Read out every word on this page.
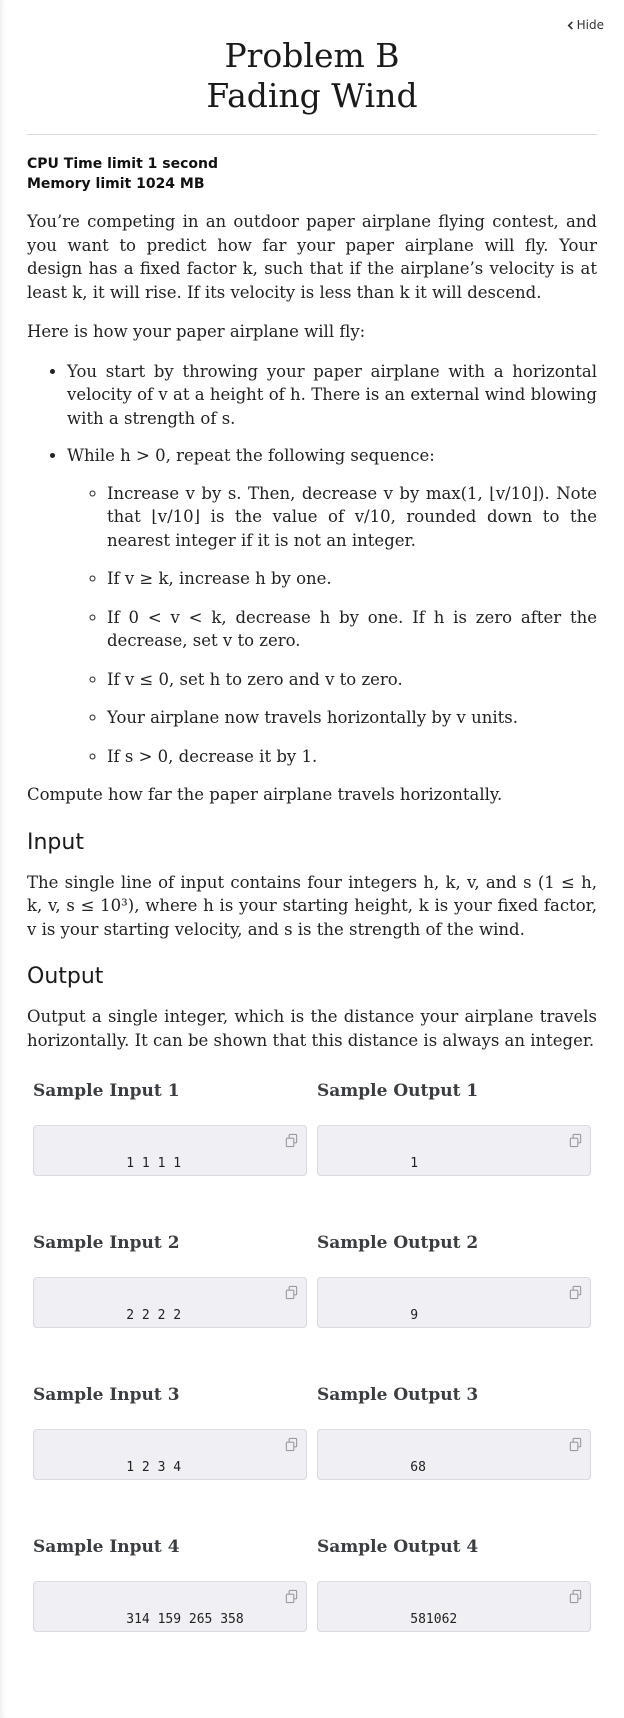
Hide
Problem B
Fading Wind
CPU Time limit 1 second
Memory limit 1024 MB

You’re competing in an outdoor paper airplane flying contest, and you want to predict how far your paper airplane will fly. Your design has a fixed factor k, such that if the airplane’s velocity is at least k, it will rise. If its velocity is less than k it will descend.

Here is how your paper airplane will fly:

• You start by throwing your paper airplane with a horizontal velocity of v at a height of h. There is an external wind blowing with a strength of s.
• While h > 0, repeat the following sequence:
◦ Increase v by s. Then, decrease v by max(1, ⌊v/10⌋). Note that ⌊v/10⌋ is the value of v/10, rounded down to the nearest integer if it is not an integer.
◦ If v ≥ k, increase h by one.
◦ If 0 < v < k, decrease h by one. If h is zero after the decrease, set v to zero.
◦ If v ≤ 0, set h to zero and v to zero.
◦ Your airplane now travels horizontally by v units.
◦ If s > 0, decrease it by 1.

Compute how far the paper airplane travels horizontally.

Input

The single line of input contains four integers h, k, v, and s (1 ≤ h, k, v, s ≤ 10³), where h is your starting height, k is your fixed factor, v is your starting velocity, and s is the strength of the wind.

Output

Output a single integer, which is the distance your airplane travels horizontally. It can be shown that this distance is always an integer.

Sample Input 1

1 1 1 1

Sample Output 1

1

Sample Input 2

2 2 2 2

Sample Output 2

9

Sample Input 3

1 2 3 4

Sample Output 3

68

Sample Input 4

314 159 265 358

Sample Output 4

581062
